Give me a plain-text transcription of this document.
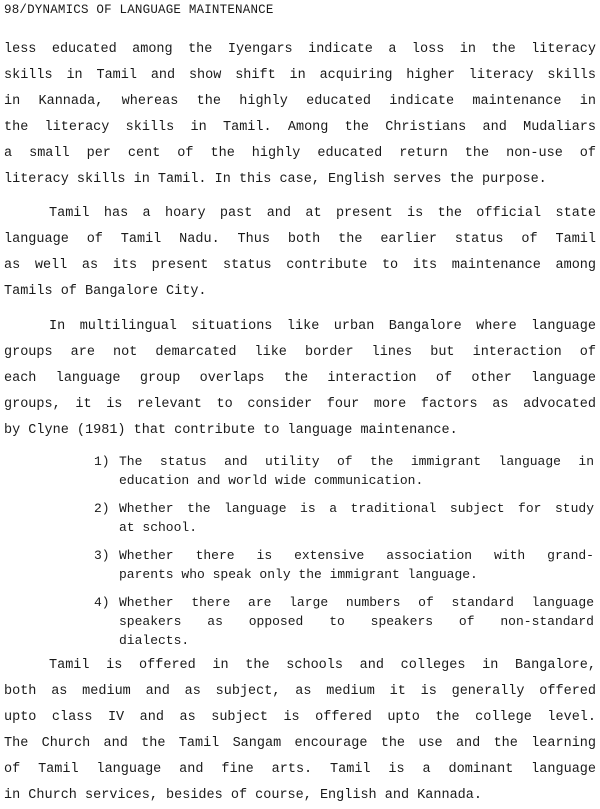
98/DYNAMICS OF LANGUAGE MAINTENANCE
less educated among the Iyengars indicate a loss in the literacy
skills in Tamil and show shift in acquiring higher literacy skills
in Kannada, whereas the highly educated indicate maintenance in
the literacy skills in Tamil. Among the Christians and Mudaliars
a small per cent of the highly educated return the non-use of
literacy skills in Tamil. In this case, English serves the purpose.
Tamil has a hoary past and at present is the official state
language of Tamil Nadu. Thus both the earlier status of Tamil
as well as its present status contribute to its maintenance among
Tamils of Bangalore City.
In multilingual situations like urban Bangalore where language
groups are not demarcated like border lines but interaction of
each language group overlaps the interaction of other language
groups, it is relevant to consider four more factors as advocated
by Clyne (1981) that contribute to language maintenance.
1) The status and utility of the immigrant language in
education and world wide communication.
2) Whether the language is a traditional subject for study
at school.
3) Whether there is extensive association with grand-
parents who speak only the immigrant language.
4) Whether there are large numbers of standard language
speakers as opposed to speakers of non-standard
dialects.
Tamil is offered in the schools and colleges in Bangalore,
both as medium and as subject, as medium it is generally offered
upto class IV and as subject is offered upto the college level.
The Church and the Tamil Sangam encourage the use and the learning
of Tamil language and fine arts. Tamil is a dominant language
in Church services, besides of course, English and Kannada.
